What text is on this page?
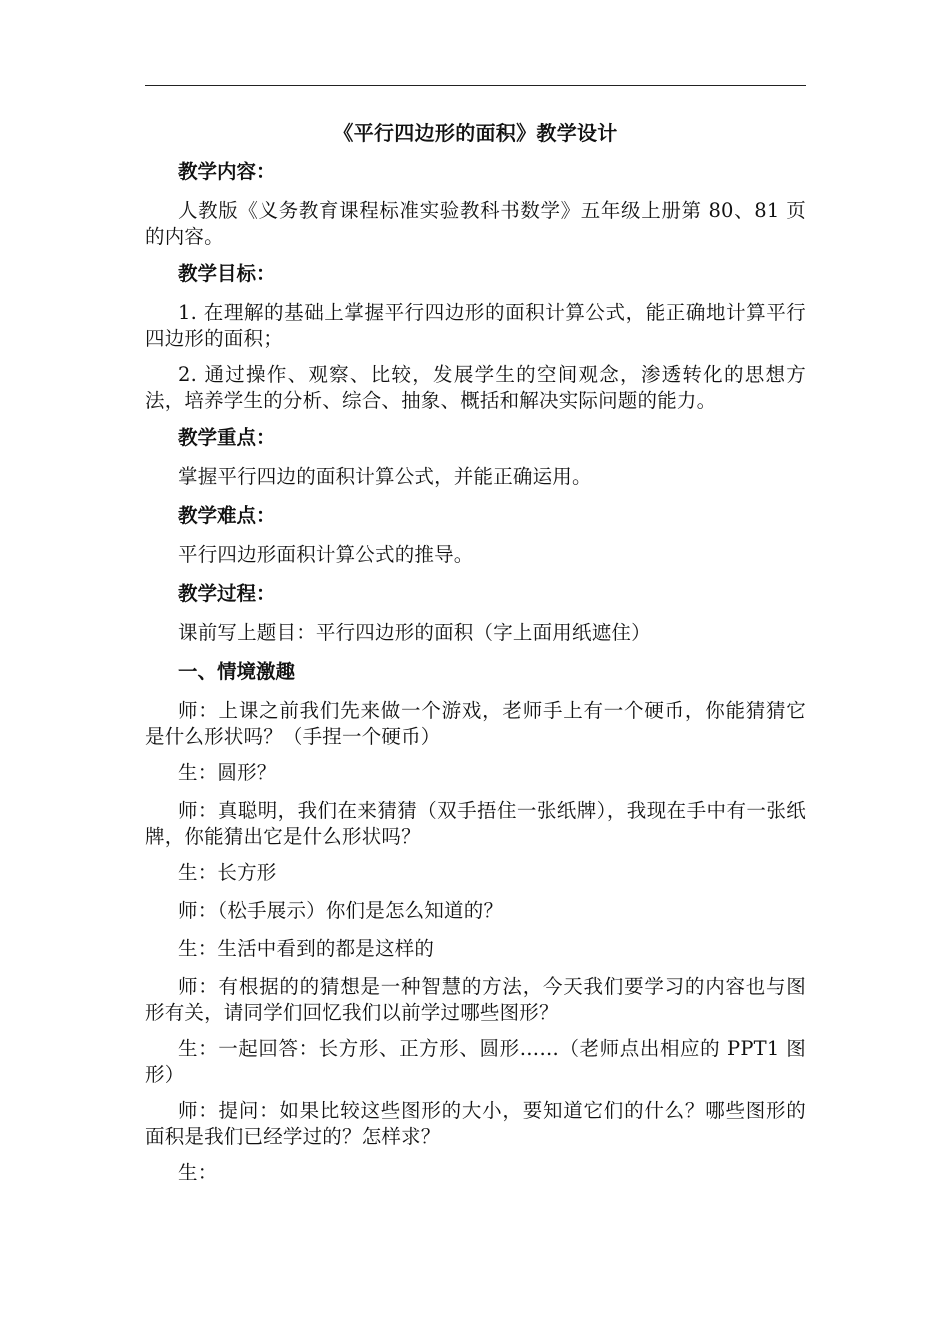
《平行四边形的面积》教学设计
教学内容：
人教版《义务教育课程标准实验教科书数学》五年级上册第 80、81 页的内容。
教学目标：
1. 在理解的基础上掌握平行四边形的面积计算公式，能正确地计算平行四边形的面积；
2. 通过操作、观察、比较，发展学生的空间观念，渗透转化的思想方法，培养学生的分析、综合、抽象、概括和解决实际问题的能力。
教学重点：
掌握平行四边的面积计算公式，并能正确运用。
教学难点：
平行四边形面积计算公式的推导。
教学过程：
课前写上题目：平行四边形的面积（字上面用纸遮住）
一、情境激趣
师：上课之前我们先来做一个游戏，老师手上有一个硬币，你能猜猜它是什么形状吗？（手捏一个硬币）
生：圆形？
师：真聪明，我们在来猜猜（双手捂住一张纸牌），我现在手中有一张纸牌，你能猜出它是什么形状吗？
生：长方形
师：（松手展示）你们是怎么知道的？
生：生活中看到的都是这样的
师：有根据的的猜想是一种智慧的方法，今天我们要学习的内容也与图形有关，请同学们回忆我们以前学过哪些图形？
生：一起回答：长方形、正方形、圆形……（老师点出相应的 PPT1 图形）
师：提问：如果比较这些图形的大小，要知道它们的什么？哪些图形的面积是我们已经学过的？怎样求？
生：
